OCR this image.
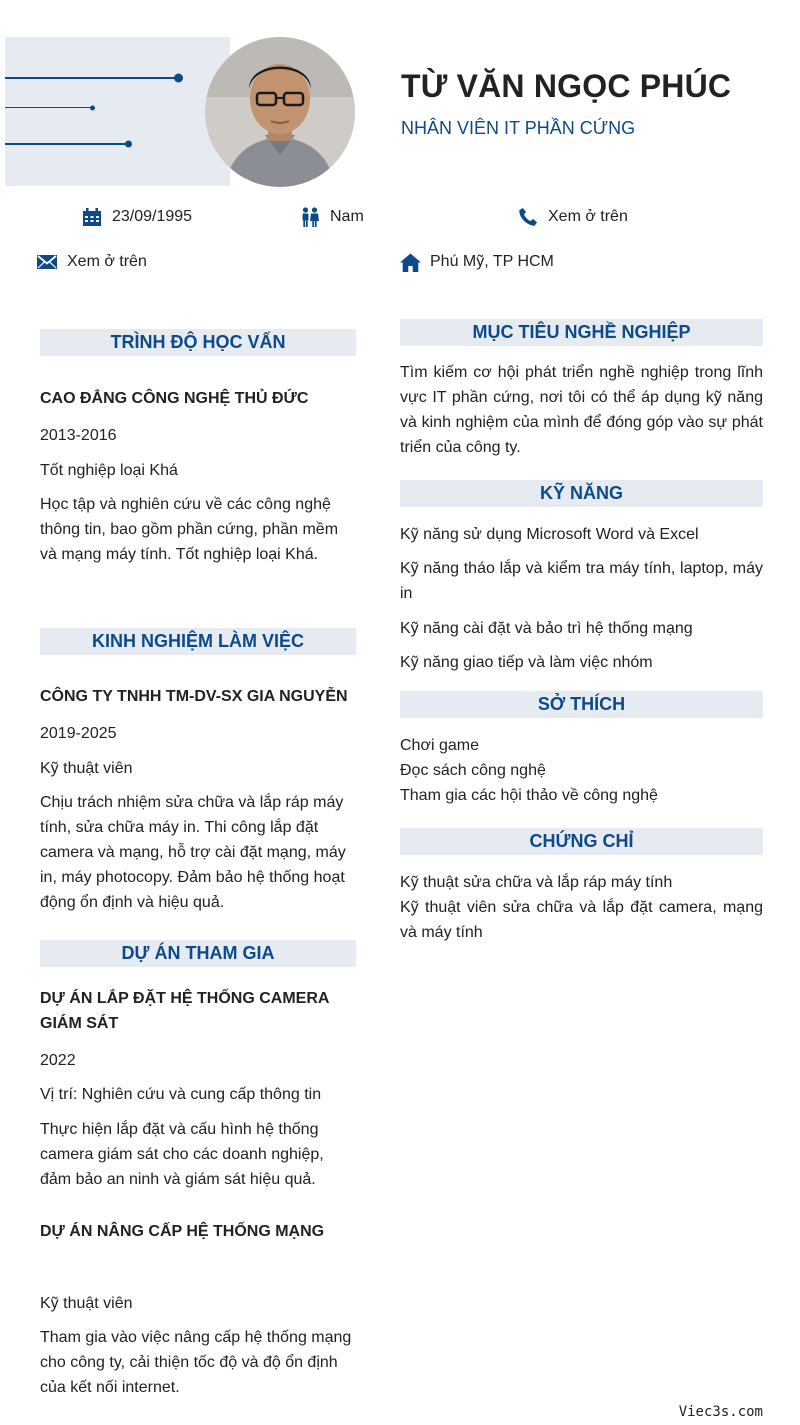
TỪ VĂN NGỌC PHÚC
NHÂN VIÊN IT PHẦN CỨNG
23/09/1995	Nam	Xem ở trên
Xem ở trên	Phú Mỹ, TP HCM
TRÌNH ĐỘ HỌC VẤN
CAO ĐẲNG CÔNG NGHỆ THỦ ĐỨC
2013-2016
Tốt nghiệp loại Khá
Học tập và nghiên cứu về các công nghệ thông tin, bao gồm phần cứng, phần mềm và mạng máy tính. Tốt nghiệp loại Khá.
KINH NGHIỆM LÀM VIỆC
CÔNG TY TNHH TM-DV-SX GIA NGUYỄN
2019-2025
Kỹ thuật viên
Chịu trách nhiệm sửa chữa và lắp ráp máy tính, sửa chữa máy in. Thi công lắp đặt camera và mạng, hỗ trợ cài đặt mạng, máy in, máy photocopy. Đảm bảo hệ thống hoạt động ổn định và hiệu quả.
DỰ ÁN THAM GIA
DỰ ÁN LẮP ĐẶT HỆ THỐNG CAMERA GIÁM SÁT
2022
Vị trí: Nghiên cứu và cung cấp thông tin
Thực hiện lắp đặt và cấu hình hệ thống camera giám sát cho các doanh nghiệp, đảm bảo an ninh và giám sát hiệu quả.
DỰ ÁN NÂNG CẤP HỆ THỐNG MẠNG
Kỹ thuật viên
Tham gia vào việc nâng cấp hệ thống mạng cho công ty, cải thiện tốc độ và độ ổn định của kết nối internet.
MỤC TIÊU NGHỀ NGHIỆP
Tìm kiếm cơ hội phát triển nghề nghiệp trong lĩnh vực IT phần cứng, nơi tôi có thể áp dụng kỹ năng và kinh nghiệm của mình để đóng góp vào sự phát triển của công ty.
KỸ NĂNG
Kỹ năng sử dụng Microsoft Word và Excel
Kỹ năng tháo lắp và kiểm tra máy tính, laptop, máy in
Kỹ năng cài đặt và bảo trì hệ thống mạng
Kỹ năng giao tiếp và làm việc nhóm
SỞ THÍCH
Chơi game
Đọc sách công nghệ
Tham gia các hội thảo về công nghệ
CHỨNG CHỈ
Kỹ thuật sửa chữa và lắp ráp máy tính
Kỹ thuật viên sửa chữa và lắp đặt camera, mạng và máy tính
Viec3s.com
